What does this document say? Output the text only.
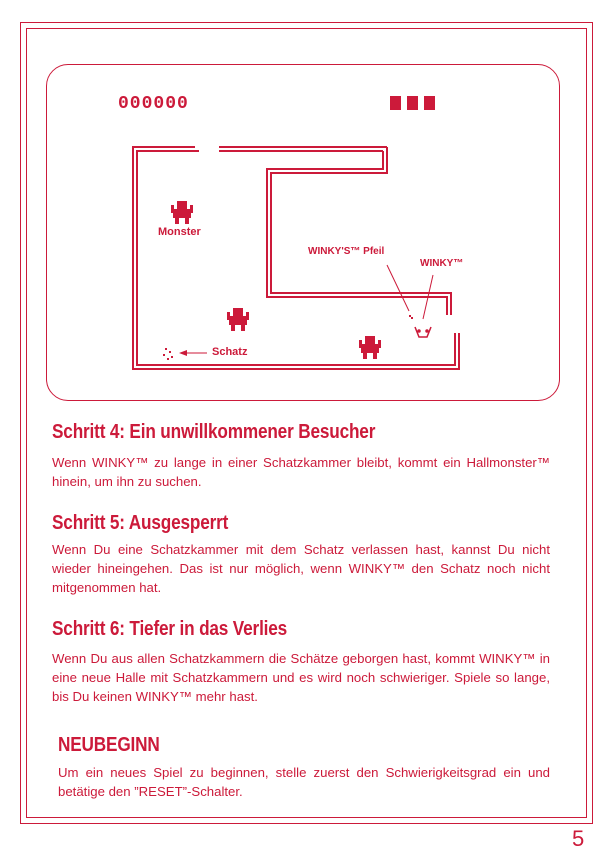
000000
Monster
WINKY'S™ Pfeil
WINKY™
Schatz
Schritt 4: Ein unwillkommener Besucher

Wenn WINKY™ zu lange in einer Schatzkammer bleibt, kommt ein Hallmonster™ hinein, um ihn zu suchen.

Schritt 5: Ausgesperrt

Wenn Du eine Schatzkammer mit dem Schatz verlassen hast, kannst Du nicht wieder hineingehen. Das ist nur möglich, wenn WINKY™ den Schatz noch nicht mitgenommen hat.

Schritt 6: Tiefer in das Verlies

Wenn Du aus allen Schatzkammern die Schätze geborgen hast, kommt WINKY™ in eine neue Halle mit Schatzkammern und es wird noch schwieriger. Spiele so lange, bis Du keinen WINKY™ mehr hast.

NEUBEGINN

Um ein neues Spiel zu beginnen, stelle zuerst den Schwierigkeitsgrad ein und betätige den ”RESET”-Schalter.

5
